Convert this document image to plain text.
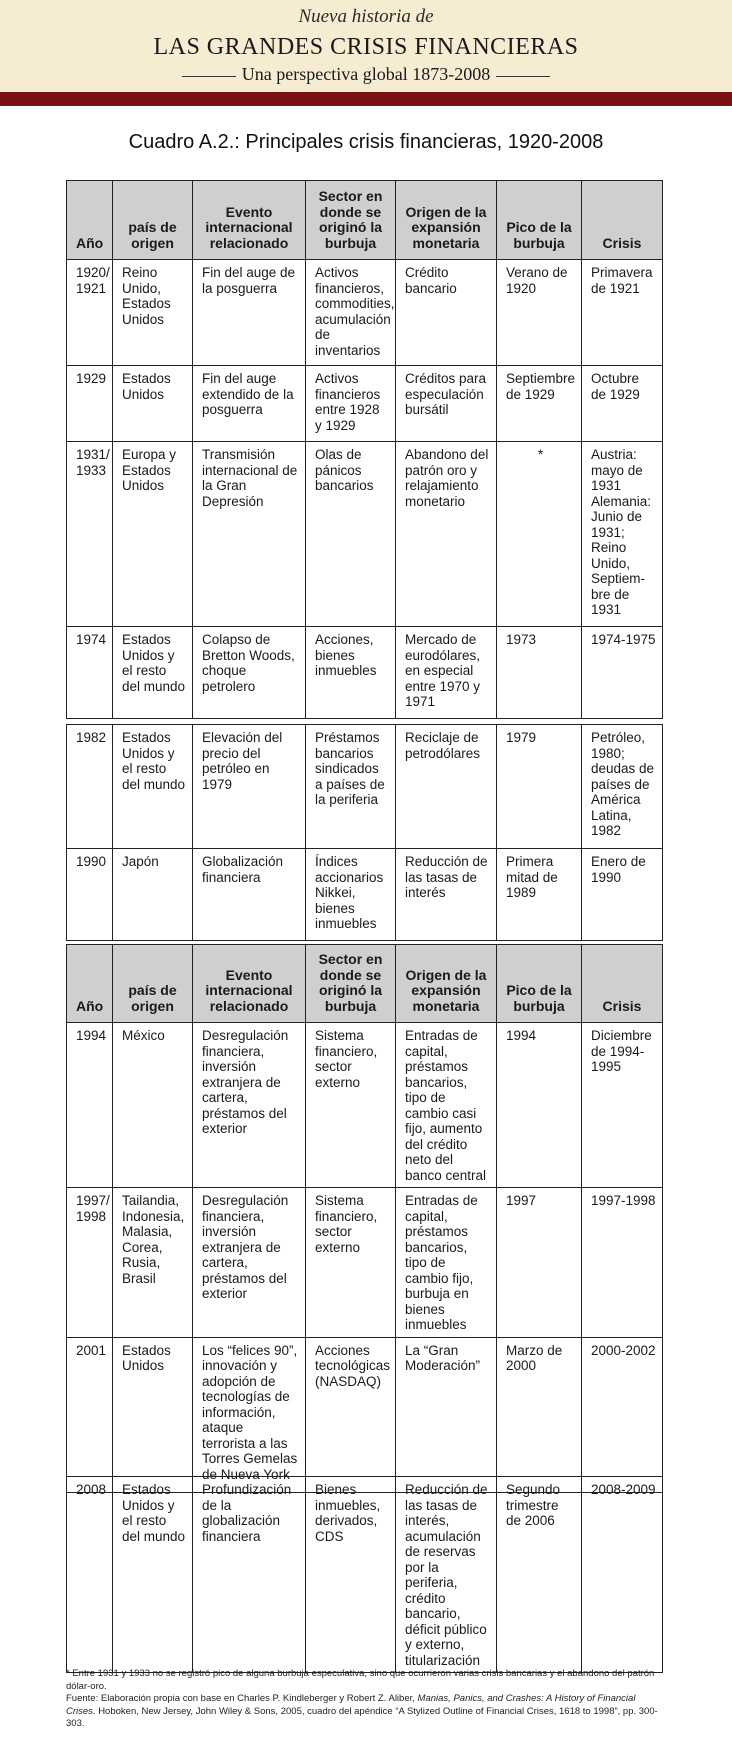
Nueva historia de
LAS GRANDES CRISIS FINANCIERAS
Una perspectiva global 1873-2008
Cuadro A.2.: Principales crisis financieras, 1920-2008
Año	país de origen	Evento internacional relacionado	Sector en donde se originó la burbuja	Origen de la expansión monetaria	Pico de la burbuja	Crisis
1920/ 1921	Reino Unido, Estados Unidos	Fin del auge de la posguerra	Activos financieros, commodities, acumulación de inventarios	Crédito bancario	Verano de 1920	Primavera de 1921
1929	Estados Unidos	Fin del auge extendido de la posguerra	Activos financieros entre 1928 y 1929	Créditos para especulación bursátil	Septiembre de 1929	Octubre de 1929
1931/ 1933	Europa y Estados Unidos	Transmisión internacional de la Gran Depresión	Olas de pánicos bancarios	Abandono del patrón oro y relajamiento monetario	*	Austria: mayo de 1931 Alemania: Junio de 1931; Reino Unido, Septiem- bre de 1931
1974	Estados Unidos y el resto del mundo	Colapso de Bretton Woods, choque petrolero	Acciones, bienes inmuebles	Mercado de eurodólares, en especial entre 1970 y 1971	1973	1974-1975
1982	Estados Unidos y el resto del mundo	Elevación del precio del petróleo en 1979	Préstamos bancarios sindicados a países de la periferia	Reciclaje de petrodólares	1979	Petróleo, 1980; deudas de países de América Latina, 1982
1990	Japón	Globalización financiera	Índices accionarios Nikkei, bienes inmuebles	Reducción de las tasas de interés	Primera mitad de 1989	Enero de 1990
Año	país de origen	Evento internacional relacionado	Sector en donde se originó la burbuja	Origen de la expansión monetaria	Pico de la burbuja	Crisis
1994	México	Desregulación financiera, inversión extranjera de cartera, préstamos del exterior	Sistema financiero, sector externo	Entradas de capital, préstamos bancarios, tipo de cambio casi fijo, aumento del crédito neto del banco central	1994	Diciembre de 1994-1995
1997/ 1998	Tailandia, Indonesia, Malasia, Corea, Rusia, Brasil	Desregulación financiera, inversión extranjera de cartera, préstamos del exterior	Sistema financiero, sector externo	Entradas de capital, préstamos bancarios, tipo de cambio fijo, burbuja en bienes inmuebles	1997	1997-1998
2001	Estados Unidos	Los “felices 90”, innovación y adopción de tecnologías de información, ataque terrorista a las Torres Gemelas de Nueva York	Acciones tecnológicas (NASDAQ)	La “Gran Moderación”	Marzo de 2000	2000-2002
2008	Estados Unidos y el resto del mundo	Profundización de la globalización financiera	Bienes inmuebles, derivados, CDS	Reducción de las tasas de interés, acumulación de reservas por la periferia, crédito bancario, déficit público y externo, titularización	Segundo trimestre de 2006	2008-2009

* Entre 1931 y 1933 no se registró pico de alguna burbuja especulativa, sino que ocurrieron varias crisis bancarias y el abandono del patrón dólar-oro.

Fuente: Elaboración propia con base en Charles P. Kindleberger y Robert Z. Aliber, Manias, Panics, and Crashes: A History of Financial Crises. Hoboken, New Jersey, John Wiley & Sons, 2005, cuadro del apéndice “A Stylized Outline of Financial Crises, 1618 to 1998”, pp. 300-303.
